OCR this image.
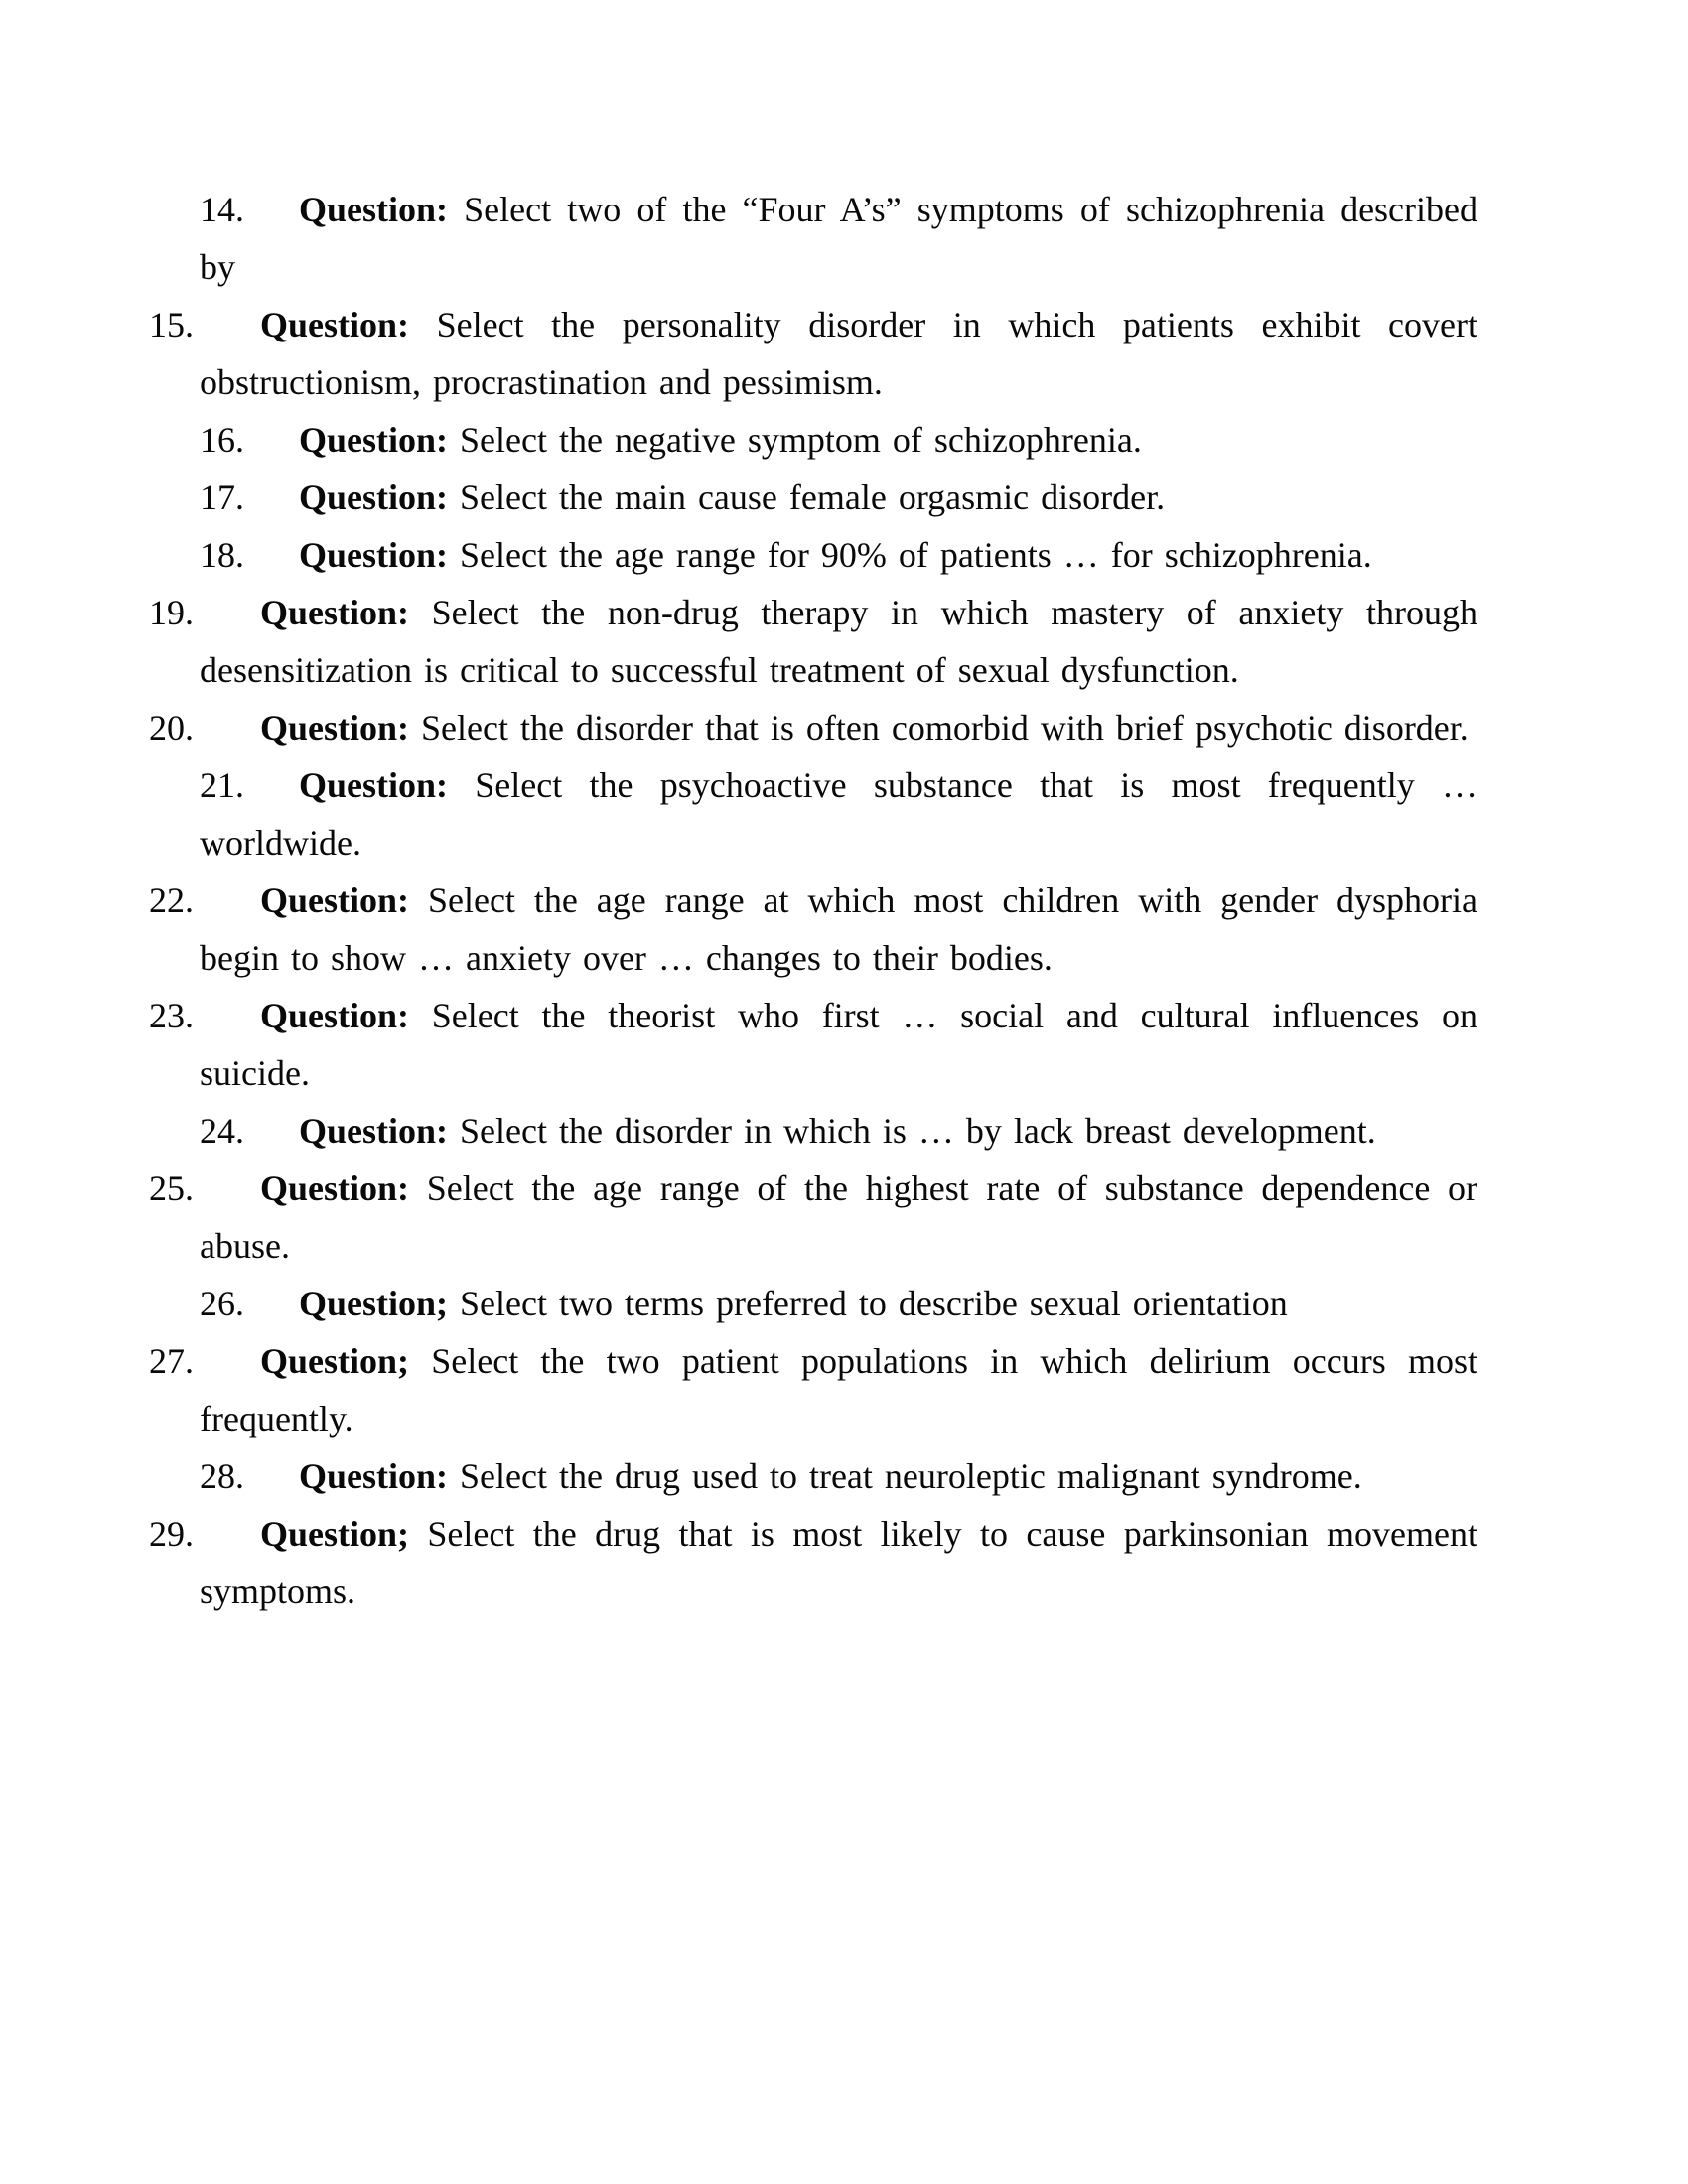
14. Question: Select two of the “Four A’s” symptoms of schizophrenia described by

15. Question: Select the personality disorder in which patients exhibit covert obstructionism, procrastination and pessimism.

16. Question: Select the negative symptom of schizophrenia.

17. Question: Select the main cause female orgasmic disorder.

18. Question: Select the age range for 90% of patients … for schizophrenia.

19. Question: Select the non-drug therapy in which mastery of anxiety through desensitization is critical to successful treatment of sexual dysfunction.

20. Question: Select the disorder that is often comorbid with brief psychotic disorder.

21. Question: Select the psychoactive substance that is most frequently … worldwide.

22. Question: Select the age range at which most children with gender dysphoria begin to show … anxiety over … changes to their bodies.

23. Question: Select the theorist who first … social and cultural influences on suicide.

24. Question: Select the disorder in which is … by lack breast development.

25. Question: Select the age range of the highest rate of substance dependence or abuse.

26. Question; Select two terms preferred to describe sexual orientation

27. Question; Select the two patient populations in which delirium occurs most frequently.

28. Question: Select the drug used to treat neuroleptic malignant syndrome.

29. Question; Select the drug that is most likely to cause parkinsonian movement symptoms.
